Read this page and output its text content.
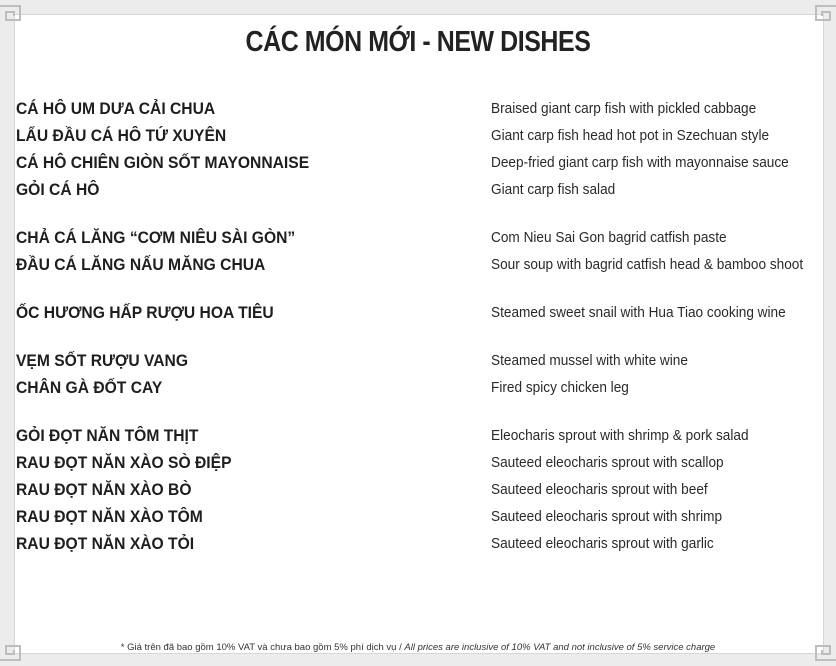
CÁC MÓN MỚI - NEW DISHES
CÁ HÔ UM DƯA CẢI CHUA	Braised giant carp fish with pickled cabbage
LẨU ĐẦU CÁ HÔ TỨ XUYÊN	Giant carp fish head hot pot in Szechuan style
CÁ HÔ CHIÊN GIÒN SỐT MAYONNAISE	Deep-fried giant carp fish with mayonnaise sauce
GỎI CÁ HÔ	Giant carp fish salad
CHẢ CÁ LĂNG “CƠM NIÊU SÀI GÒN”	Com Nieu Sai Gon bagrid catfish paste
ĐẦU CÁ LĂNG NẤU MĂNG CHUA	Sour soup with bagrid catfish head & bamboo shoot
ỐC HƯƠNG HẤP RƯỢU HOA TIÊU	Steamed sweet snail with Hua Tiao cooking wine
VẸM SỐT RƯỢU VANG	Steamed mussel with white wine
CHÂN GÀ ĐỐT CAY	Fired spicy chicken leg
GỎI ĐỌT NĂN TÔM THỊT	Eleocharis sprout with shrimp & pork salad
RAU ĐỌT NĂN XÀO SÒ ĐIỆP	Sauteed eleocharis sprout with scallop
RAU ĐỌT NĂN XÀO BÒ	Sauteed eleocharis sprout with beef
RAU ĐỌT NĂN XÀO TÔM	Sauteed eleocharis sprout with shrimp
RAU ĐỌT NĂN XÀO TỎI	Sauteed eleocharis sprout with garlic
* Giá trên đã bao gồm 10% VAT và chưa bao gồm 5% phí dịch vụ / All prices are inclusive of 10% VAT and not inclusive of 5% service charge
